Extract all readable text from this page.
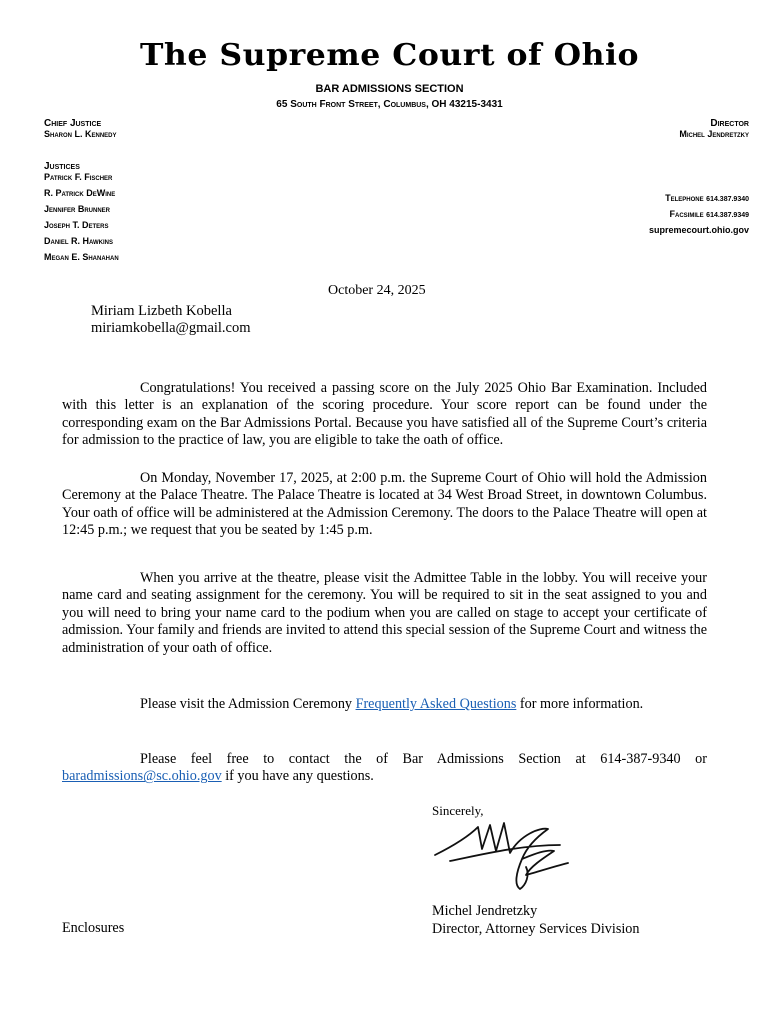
The Supreme Court of Ohio
BAR ADMISSIONS SECTION
65 South Front Street, Columbus, OH 43215-3431
Chief Justice
Sharon L. Kennedy
Justices
Patrick F. Fischer
R. Patrick DeWine
Jennifer Brunner
Joseph T. Deters
Daniel R. Hawkins
Megan E. Shanahan
Director
Michel Jendretzky
Telephone 614.387.9340
Facsimile 614.387.9349
supremecourt.ohio.gov
October 24, 2025
Miriam Lizbeth Kobella
miriamkobella@gmail.com

Congratulations! You received a passing score on the July 2025 Ohio Bar Examination. Included with this letter is an explanation of the scoring procedure. Your score report can be found under the corresponding exam on the Bar Admissions Portal. Because you have satisfied all of the Supreme Court’s criteria for admission to the practice of law, you are eligible to take the oath of office.

On Monday, November 17, 2025, at 2:00 p.m. the Supreme Court of Ohio will hold the Admission Ceremony at the Palace Theatre. The Palace Theatre is located at 34 West Broad Street, in downtown Columbus. Your oath of office will be administered at the Admission Ceremony. The doors to the Palace Theatre will open at 12:45 p.m.; we request that you be seated by 1:45 p.m.

When you arrive at the theatre, please visit the Admittee Table in the lobby. You will receive your name card and seating assignment for the ceremony. You will be required to sit in the seat assigned to you and you will need to bring your name card to the podium when you are called on stage to accept your certificate of admission. Your family and friends are invited to attend this special session of the Supreme Court and witness the administration of your oath of office.

Please visit the Admission Ceremony Frequently Asked Questions for more information.

Please feel free to contact the of Bar Admissions Section at 614-387-9340 or baradmissions@sc.ohio.gov if you have any questions.

Sincerely,
Michel Jendretzky
Director, Attorney Services Division
Enclosures
